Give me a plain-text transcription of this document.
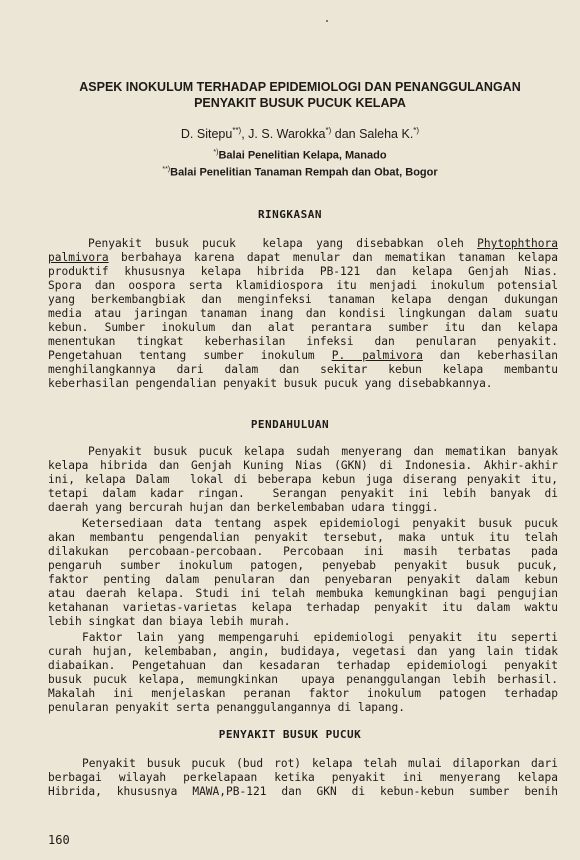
ASPEK INOKULUM TERHADAP EPIDEMIOLOGI DAN PENANGGULANGAN
PENYAKIT BUSUK PUCUK KELAPA
D. Sitepu**), J. S. Warokka*) dan Saleha K.*)
*)Balai Penelitian Kelapa, Manado
**)Balai Penelitian Tanaman Rempah dan Obat, Bogor
RINGKASAN
Penyakit busuk pucuk  kelapa yang disebabkan oleh Phytophthora
palmivora berbahaya karena dapat menular dan mematikan tanaman kelapa
produktif khususnya kelapa hibrida PB-121 dan kelapa Genjah Nias.
Spora dan oospora serta klamidiospora itu menjadi inokulum potensial
yang berkembangbiak dan menginfeksi tanaman kelapa dengan dukungan
media atau jaringan tanaman inang dan kondisi lingkungan dalam suatu
kebun. Sumber inokulum dan alat perantara sumber itu dan kelapa
menentukan tingkat keberhasilan infeksi dan penularan penyakit.
Pengetahuan tentang sumber inokulum P. palmivora dan keberhasilan
menghilangkannya dari dalam dan sekitar kebun kelapa membantu
keberhasilan pengendalian penyakit busuk pucuk yang disebabkannya.
PENDAHULUAN
Penyakit busuk pucuk kelapa sudah menyerang dan mematikan banyak
kelapa hibrida dan Genjah Kuning Nias (GKN) di Indonesia. Akhir-akhir
ini, kelapa Dalam  lokal di beberapa kebun juga diserang penyakit itu,
tetapi dalam kadar ringan.  Serangan penyakit ini lebih banyak di
daerah yang bercurah hujan dan berkelembaban udara tinggi.
Ketersediaan data tentang aspek epidemiologi penyakit busuk pucuk
akan membantu pengendalian penyakit tersebut, maka untuk itu telah
dilakukan percobaan-percobaan. Percobaan ini masih terbatas pada
pengaruh sumber inokulum patogen, penyebab penyakit busuk pucuk,
faktor penting dalam penularan dan penyebaran penyakit dalam kebun
atau daerah kelapa. Studi ini telah membuka kemungkinan bagi pengujian
ketahanan varietas-varietas kelapa terhadap penyakit itu dalam waktu
lebih singkat dan biaya lebih murah.
Faktor lain yang mempengaruhi epidemiologi penyakit itu seperti
curah hujan, kelembaban, angin, budidaya, vegetasi dan yang lain tidak
diabaikan. Pengetahuan dan kesadaran terhadap epidemiologi penyakit
busuk pucuk kelapa, memungkinkan  upaya penanggulangan lebih berhasil.
Makalah ini menjelaskan peranan faktor inokulum patogen terhadap
penularan penyakit serta penanggulangannya di lapang.
PENYAKIT BUSUK PUCUK
Penyakit busuk pucuk (bud rot) kelapa telah mulai dilaporkan dari
berbagai wilayah perkelapaan ketika penyakit ini menyerang kelapa
Hibrida, khususnya MAWA,PB-121 dan GKN di kebun-kebun sumber benih
160
